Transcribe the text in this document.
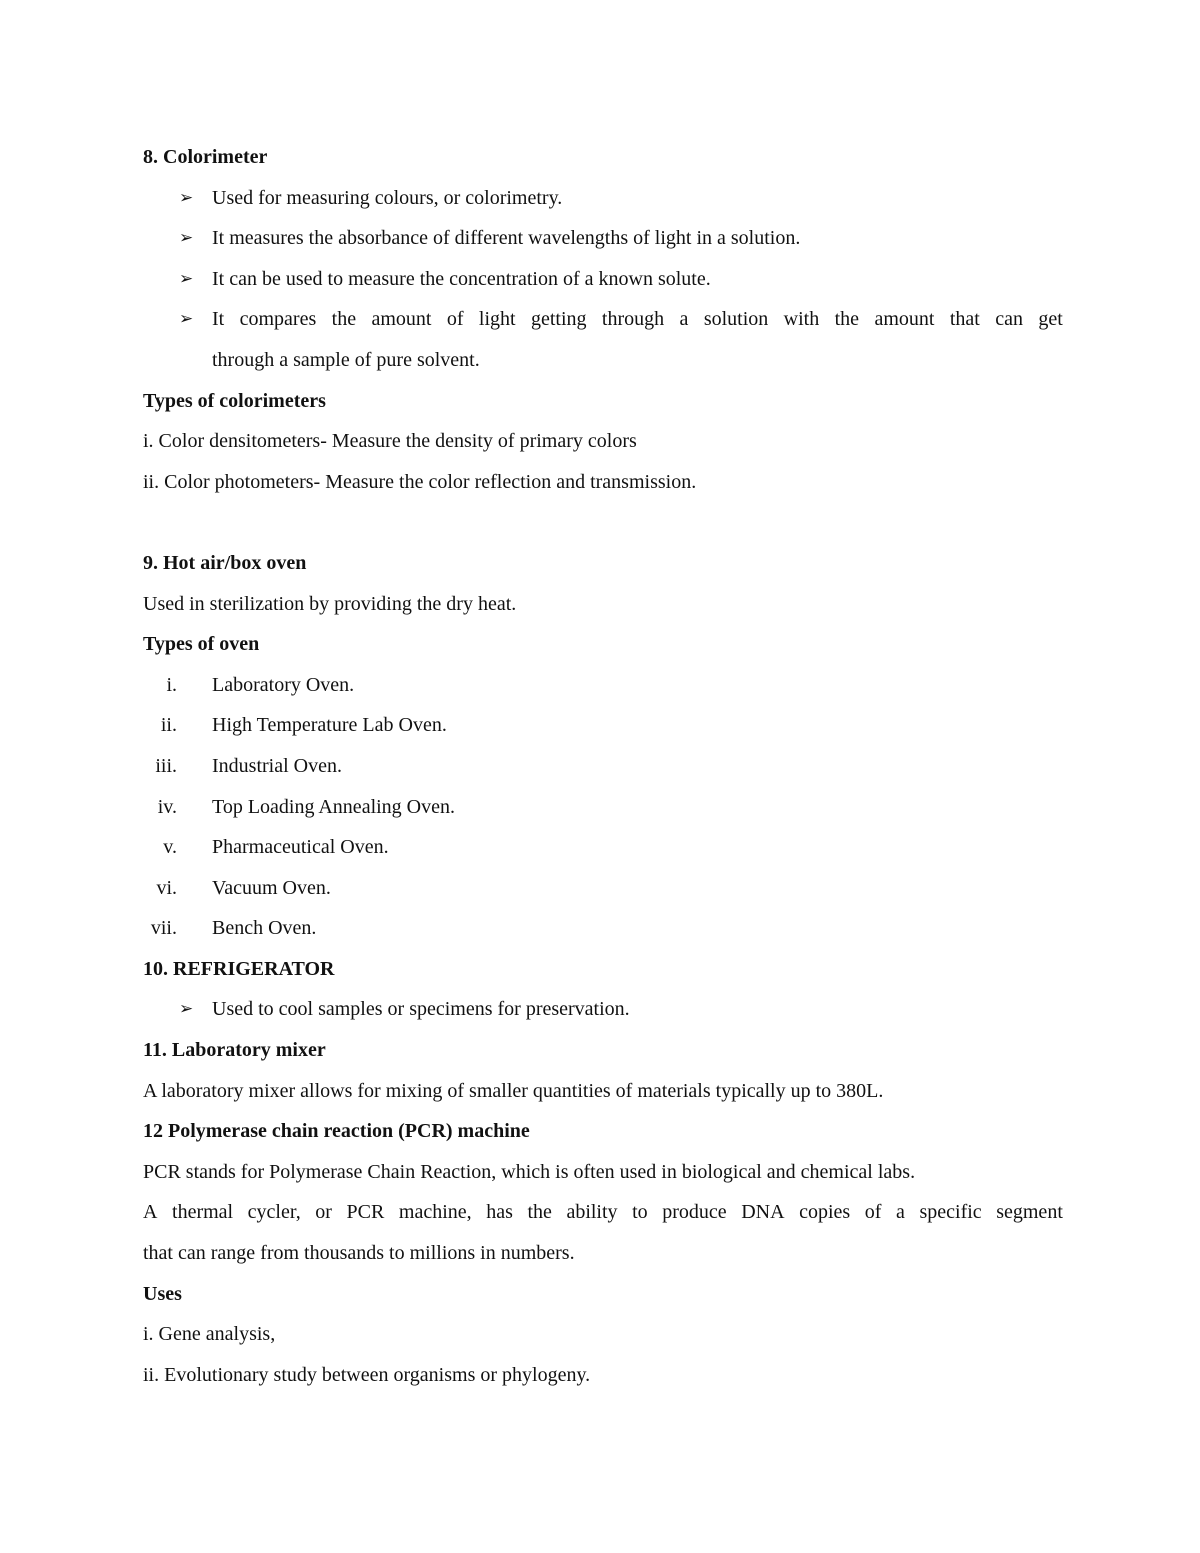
8. Colorimeter
➢ Used for measuring colours, or colorimetry.
➢ It measures the absorbance of different wavelengths of light in a solution.
➢ It can be used to measure the concentration of a known solute.
➢ It compares the amount of light getting through a solution with the amount that can get
through a sample of pure solvent.
Types of colorimeters
i. Color densitometers- Measure the density of primary colors
ii. Color photometers- Measure the color reflection and transmission.
9. Hot air/box oven
Used in sterilization by providing the dry heat.
Types of oven
i. Laboratory Oven.
ii. High Temperature Lab Oven.
iii. Industrial Oven.
iv. Top Loading Annealing Oven.
v. Pharmaceutical Oven.
vi. Vacuum Oven.
vii. Bench Oven.
10. REFRIGERATOR
➢ Used to cool samples or specimens for preservation.
11. Laboratory mixer
A laboratory mixer allows for mixing of smaller quantities of materials typically up to 380L.
12 Polymerase chain reaction (PCR) machine
PCR stands for Polymerase Chain Reaction, which is often used in biological and chemical labs.
A thermal cycler, or PCR machine, has the ability to produce DNA copies of a specific segment
that can range from thousands to millions in numbers.
Uses
i. Gene analysis,
ii. Evolutionary study between organisms or phylogeny.
